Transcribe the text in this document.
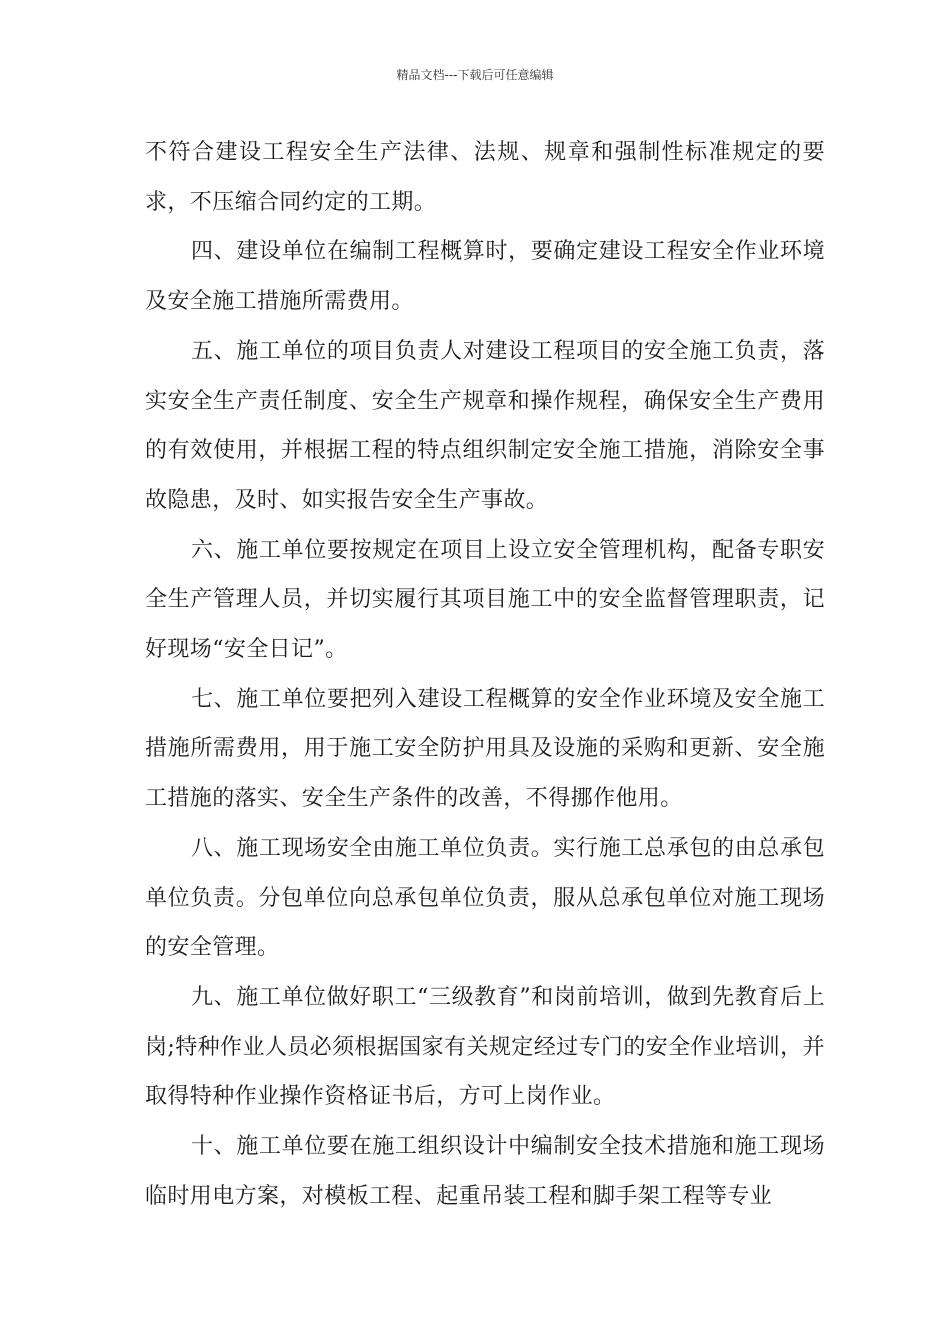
精品文档---下载后可任意编辑

不符合建设工程安全生产法律、法规、规章和强制性标准规定的要求，不压缩合同约定的工期。

四、建设单位在编制工程概算时，要确定建设工程安全作业环境及安全施工措施所需费用。

五、施工单位的项目负责人对建设工程项目的安全施工负责，落实安全生产责任制度、安全生产规章和操作规程，确保安全生产费用的有效使用，并根据工程的特点组织制定安全施工措施，消除安全事故隐患，及时、如实报告安全生产事故。

六、施工单位要按规定在项目上设立安全管理机构，配备专职安全生产管理人员，并切实履行其项目施工中的安全监督管理职责，记好现场“安全日记”。

七、施工单位要把列入建设工程概算的安全作业环境及安全施工措施所需费用，用于施工安全防护用具及设施的采购和更新、安全施工措施的落实、安全生产条件的改善，不得挪作他用。

八、施工现场安全由施工单位负责。实行施工总承包的由总承包单位负责。分包单位向总承包单位负责，服从总承包单位对施工现场的安全管理。

九、施工单位做好职工“三级教育”和岗前培训，做到先教育后上岗;特种作业人员必须根据国家有关规定经过专门的安全作业培训，并取得特种作业操作资格证书后，方可上岗作业。

十、施工单位要在施工组织设计中编制安全技术措施和施工现场临时用电方案，对模板工程、起重吊装工程和脚手架工程等专业
